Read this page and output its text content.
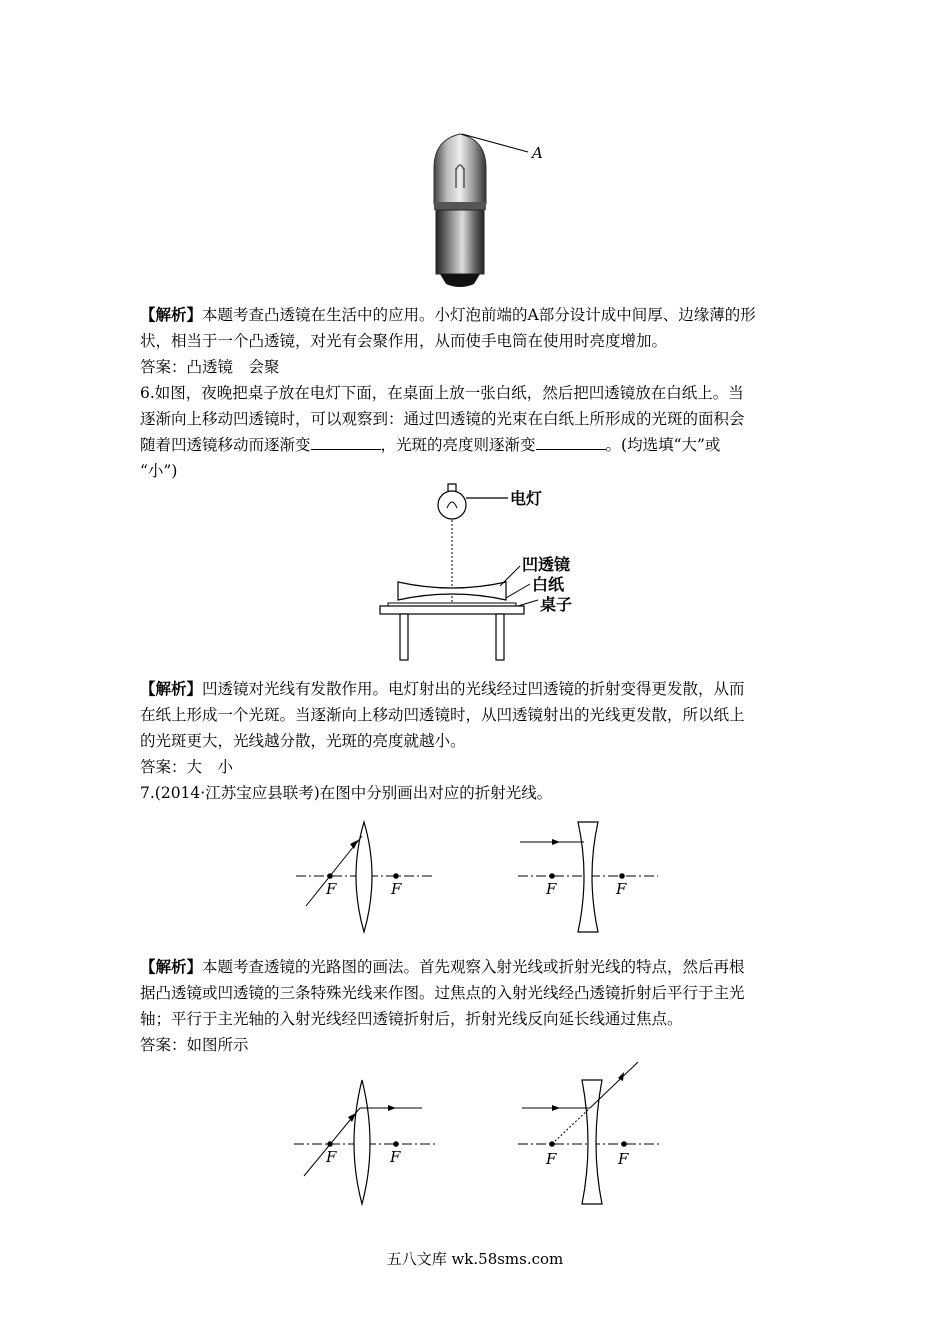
A

【解析】本题考查凸透镜在生活中的应用。小灯泡前端的A部分设计成中间厚、边缘薄的形
状，相当于一个凸透镜，对光有会聚作用，从而使手电筒在使用时亮度增加。
答案：凸透镜　会聚

6.如图，夜晚把桌子放在电灯下面，在桌面上放一张白纸，然后把凹透镜放在白纸上。当
逐渐向上移动凹透镜时，可以观察到：通过凹透镜的光束在白纸上所形成的光斑的面积会
随着凹透镜移动而逐渐变	，光斑的亮度则逐渐变	。(均选填“大”或
“小”)

电灯
凹透镜
白纸
桌子

【解析】凹透镜对光线有发散作用。电灯射出的光线经过凹透镜的折射变得更发散，从而
在纸上形成一个光斑。当逐渐向上移动凹透镜时，从凹透镜射出的光线更发散，所以纸上
的光斑更大，光线越分散，光斑的亮度就越小。
答案：大　小

7.(2014·江苏宝应县联考)在图中分别画出对应的折射光线。

F	F	F	F

【解析】本题考查透镜的光路图的画法。首先观察入射光线或折射光线的特点，然后再根
据凸透镜或凹透镜的三条特殊光线来作图。过焦点的入射光线经凸透镜折射后平行于主光
轴；平行于主光轴的入射光线经凹透镜折射后，折射光线反向延长线通过焦点。
答案：如图所示

F	F	F	F
五八文库 wk.58sms.com
